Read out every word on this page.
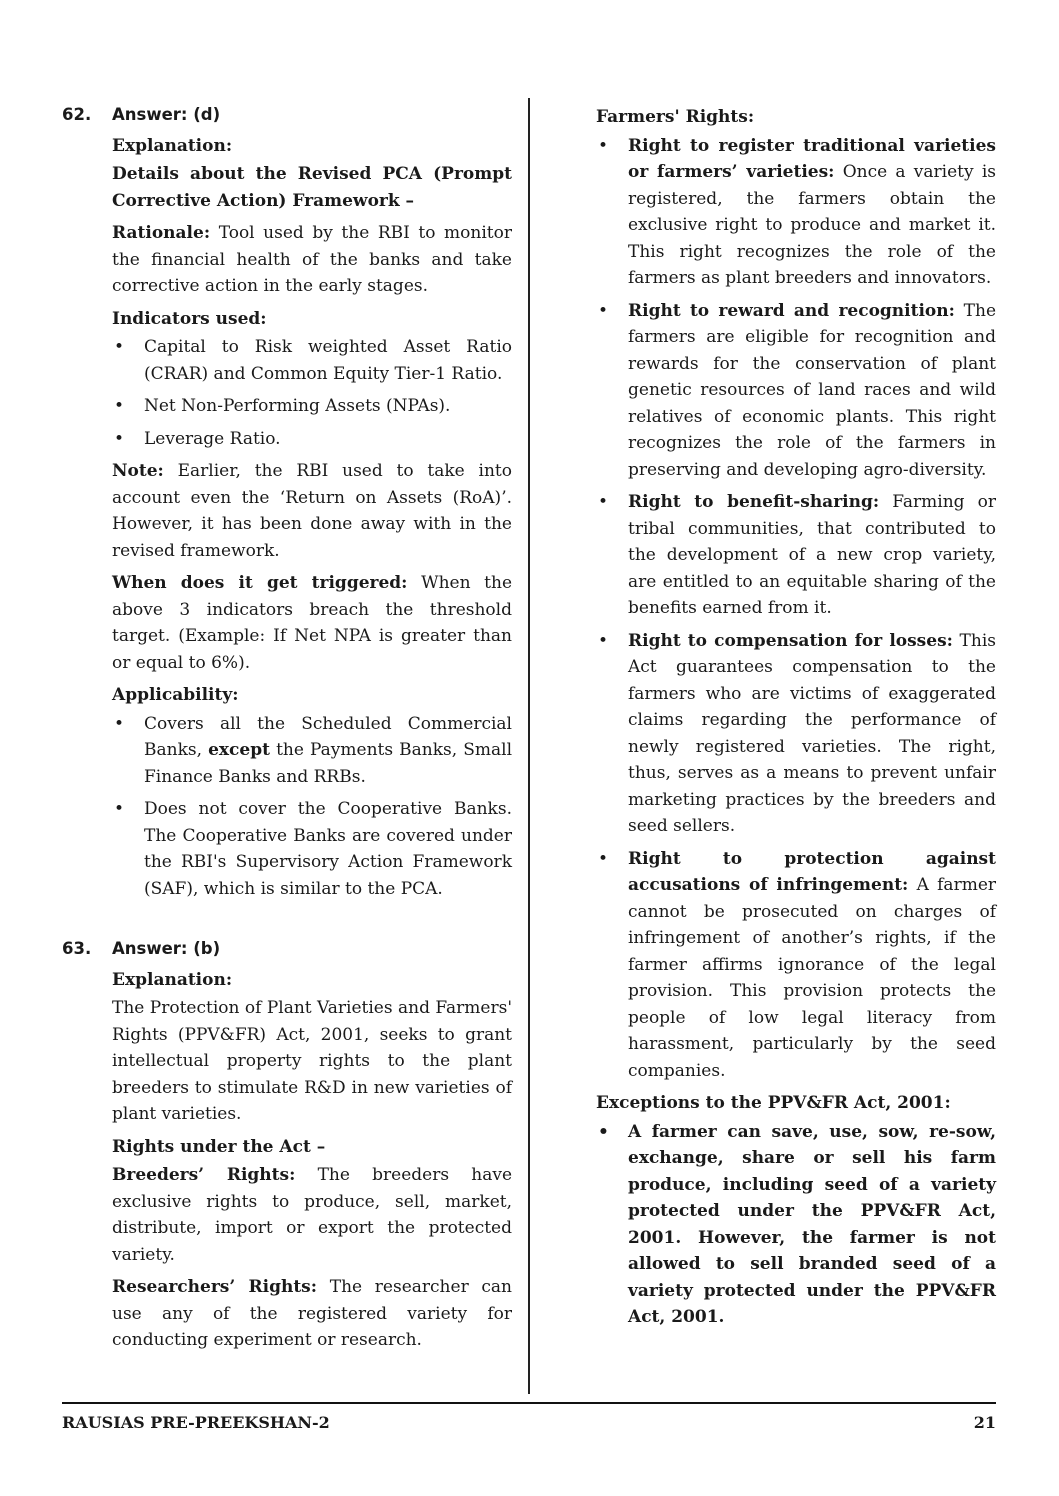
62.	Answer: (d)
Explanation:

Details about the Revised PCA (Prompt Corrective Action) Framework –

Rationale: Tool used by the RBI to monitor the financial health of the banks and take corrective action in the early stages.

Indicators used:
• Capital to Risk weighted Asset Ratio (CRAR) and Common Equity Tier-1 Ratio.
• Net Non-Performing Assets (NPAs).
• Leverage Ratio.

Note: Earlier, the RBI used to take into account even the ‘Return on Assets (RoA)’. However, it has been done away with in the revised framework.

When does it get triggered: When the above 3 indicators breach the threshold target. (Example: If Net NPA is greater than or equal to 6%).

Applicability:
• Covers all the Scheduled Commercial Banks, except the Payments Banks, Small Finance Banks and RRBs.
• Does not cover the Cooperative Banks. The Cooperative Banks are covered under the RBI's Supervisory Action Framework (SAF), which is similar to the PCA.
63.	Answer: (b)
Explanation:

The Protection of Plant Varieties and Farmers' Rights (PPV&FR) Act, 2001, seeks to grant intellectual property rights to the plant breeders to stimulate R&D in new varieties of plant varieties.

Rights under the Act –

Breeders’ Rights: The breeders have exclusive rights to produce, sell, market, distribute, import or export the protected variety.

Researchers’ Rights: The researcher can use any of the registered variety for conducting experiment or research.

Farmers' Rights:
• Right to register traditional varieties or farmers’ varieties: Once a variety is registered, the farmers obtain the exclusive right to produce and market it. This right recognizes the role of the farmers as plant breeders and innovators.
• Right to reward and recognition: The farmers are eligible for recognition and rewards for the conservation of plant genetic resources of land races and wild relatives of economic plants. This right recognizes the role of the farmers in preserving and developing agro-diversity.
• Right to benefit-sharing: Farming or tribal communities, that contributed to the development of a new crop variety, are entitled to an equitable sharing of the benefits earned from it.
• Right to compensation for losses: This Act guarantees compensation to the farmers who are victims of exaggerated claims regarding the performance of newly registered varieties. The right, thus, serves as a means to prevent unfair marketing practices by the breeders and seed sellers.
• Right to protection against accusations of infringement: A farmer cannot be prosecuted on charges of infringement of another’s rights, if the farmer affirms ignorance of the legal provision. This provision protects the people of low legal literacy from harassment, particularly by the seed companies.
Exceptions to the PPV&FR Act, 2001:
• A farmer can save, use, sow, re-sow, exchange, share or sell his farm produce, including seed of a variety protected under the PPV&FR Act, 2001. However, the farmer is not allowed to sell branded seed of a variety protected under the PPV&FR Act, 2001.
RAUSIAS PRE-PREEKSHAN-2	21
